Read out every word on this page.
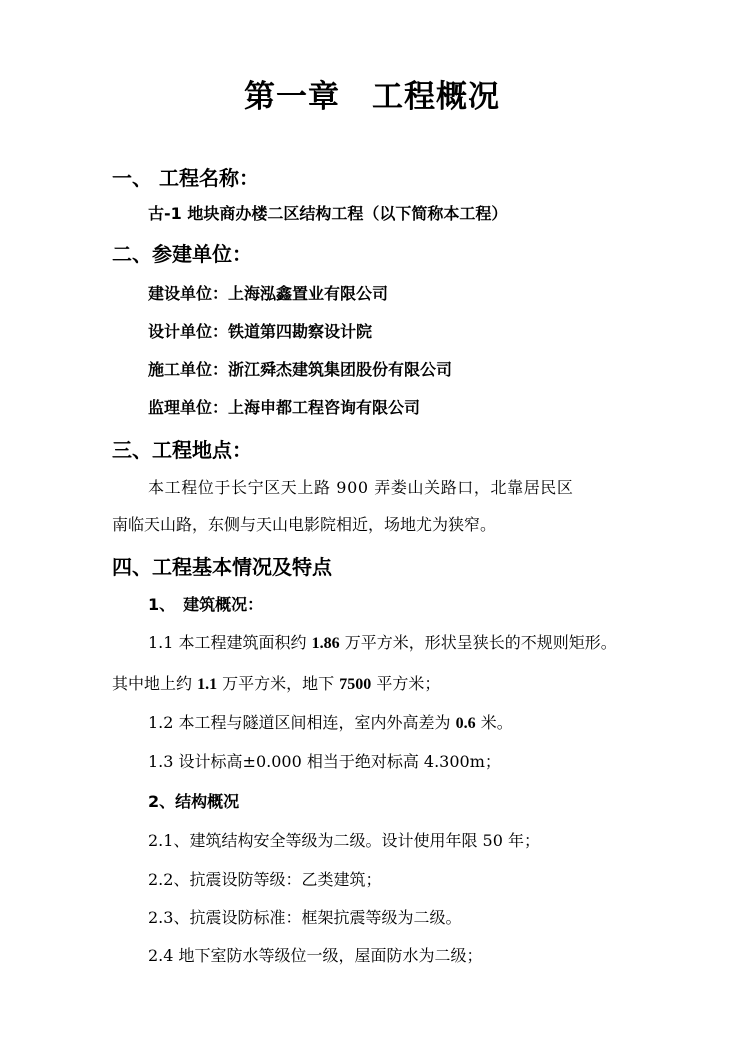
第一章　工程概况
一、 工程名称：
古-1 地块商办楼二区结构工程（以下简称本工程）
二、参建单位：
建设单位：上海泓鑫置业有限公司
设计单位：铁道第四勘察设计院
施工单位：浙江舜杰建筑集团股份有限公司
监理单位：上海申都工程咨询有限公司
三、工程地点：
本工程位于长宁区天上路 900 弄娄山关路口，北靠居民区
南临天山路，东侧与天山电影院相近，场地尤为狭窄。
四、工程基本情况及特点
1、　建筑概况：
1.1 本工程建筑面积约 1.86 万平方米，形状呈狭长的不规则矩形。
其中地上约 1.1 万平方米，地下 7500 平方米；
1.2 本工程与隧道区间相连，室内外高差为 0.6 米。
1.3 设计标高±0.000 相当于绝对标高 4.300m；
2、结构概况
2.1、建筑结构安全等级为二级。设计使用年限 50 年；
2.2、抗震设防等级：乙类建筑；
2.3、抗震设防标准：框架抗震等级为二级。
2.4 地下室防水等级位一级，屋面防水为二级；
